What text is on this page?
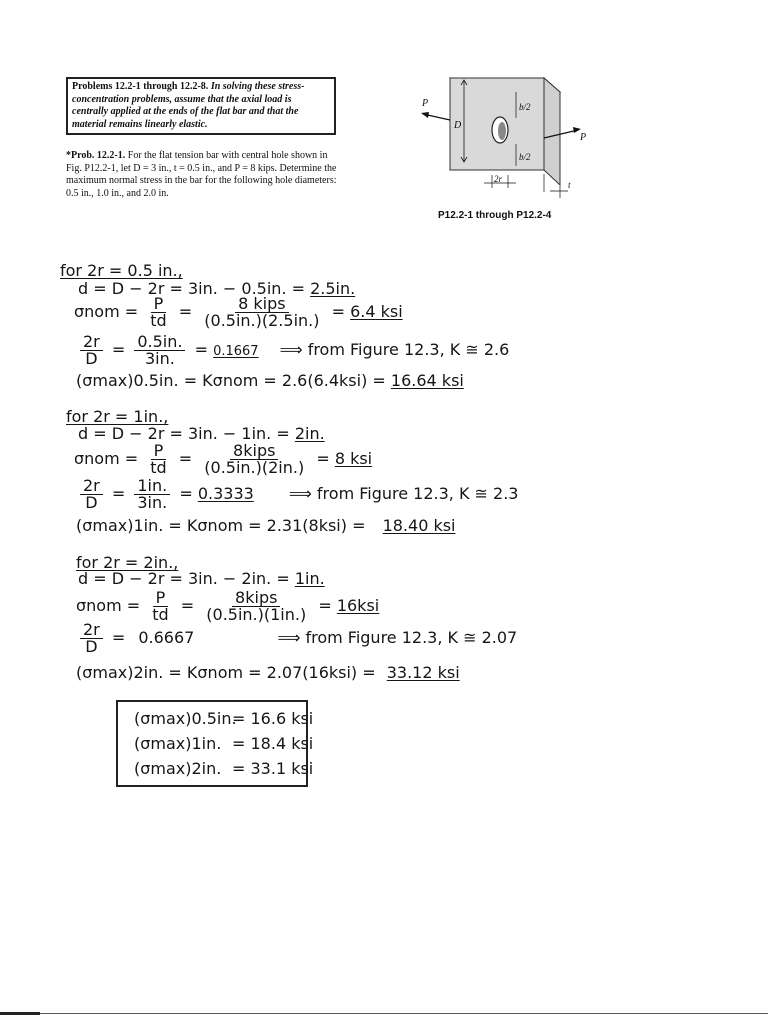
Problems 12.2-1 through 12.2-8. In solving these stress-concentration problems, assume that the axial load is centrally applied at the ends of the flat bar and that the material remains linearly elastic.
*Prob. 12.2-1. For the flat tension bar with central hole shown in Fig. P12.2-1, let D = 3 in., t = 0.5 in., and P = 8 kips. Determine the maximum normal stress in the bar for the following hole diameters: 0.5 in., 1.0 in., and 2.0 in.
P
P
D
b/2
b/2
2r
t
P12.2-1 through P12.2-4
for 2r = 0.5 in.,
d = D − 2r = 3in. − 0.5in. = 2.5in.
$\sigma nom = \frac{P}{td} = \frac{\text{8 kips}}{(0.5in.)(2.5in.)} = 6.4$ ksi
$\frac{2r}{D} = \frac{0.5in.}{3in.} = 0.1667$ ⟹ from Figure 12.3, K ≅ 2.6
(σmax)0.5in. = Kσnom = 2.6(6.4ksi) = 16.64 ksi
for 2r = 1in.,
d = D − 2r = 3in. − 1in. = 2in.
$\sigma nom = \frac{P}{td} = \frac{\text{8kips}}{(0.5in.)(2in.)} = 8$ ksi
$\frac{2r}{D} = \frac{1in.}{3in.} = 0.3333$ ⟹ from Figure 12.3, K ≅ 2.3
(σmax)1in. = Kσnom = 2.31(8ksi) = 18.40 ksi
for 2r = 2in.,
d = D − 2r = 3in. − 2in. = 1in.
$\sigma nom = \frac{P}{td} = \frac{\text{8kips}}{(0.5in.)(1in.)} = 16ksi$
$\frac{2r}{D} = 0.6667$	⟹ from Figure 12.3, K ≅ 2.07
(σmax)2in. = Kσnom = 2.07(16ksi) = 33.12 ksi
(σmax)0.5in.= 16.6 ksi
(σmax)1in. = 18.4 ksi
(σmax)2in. = 33.1 ksi
